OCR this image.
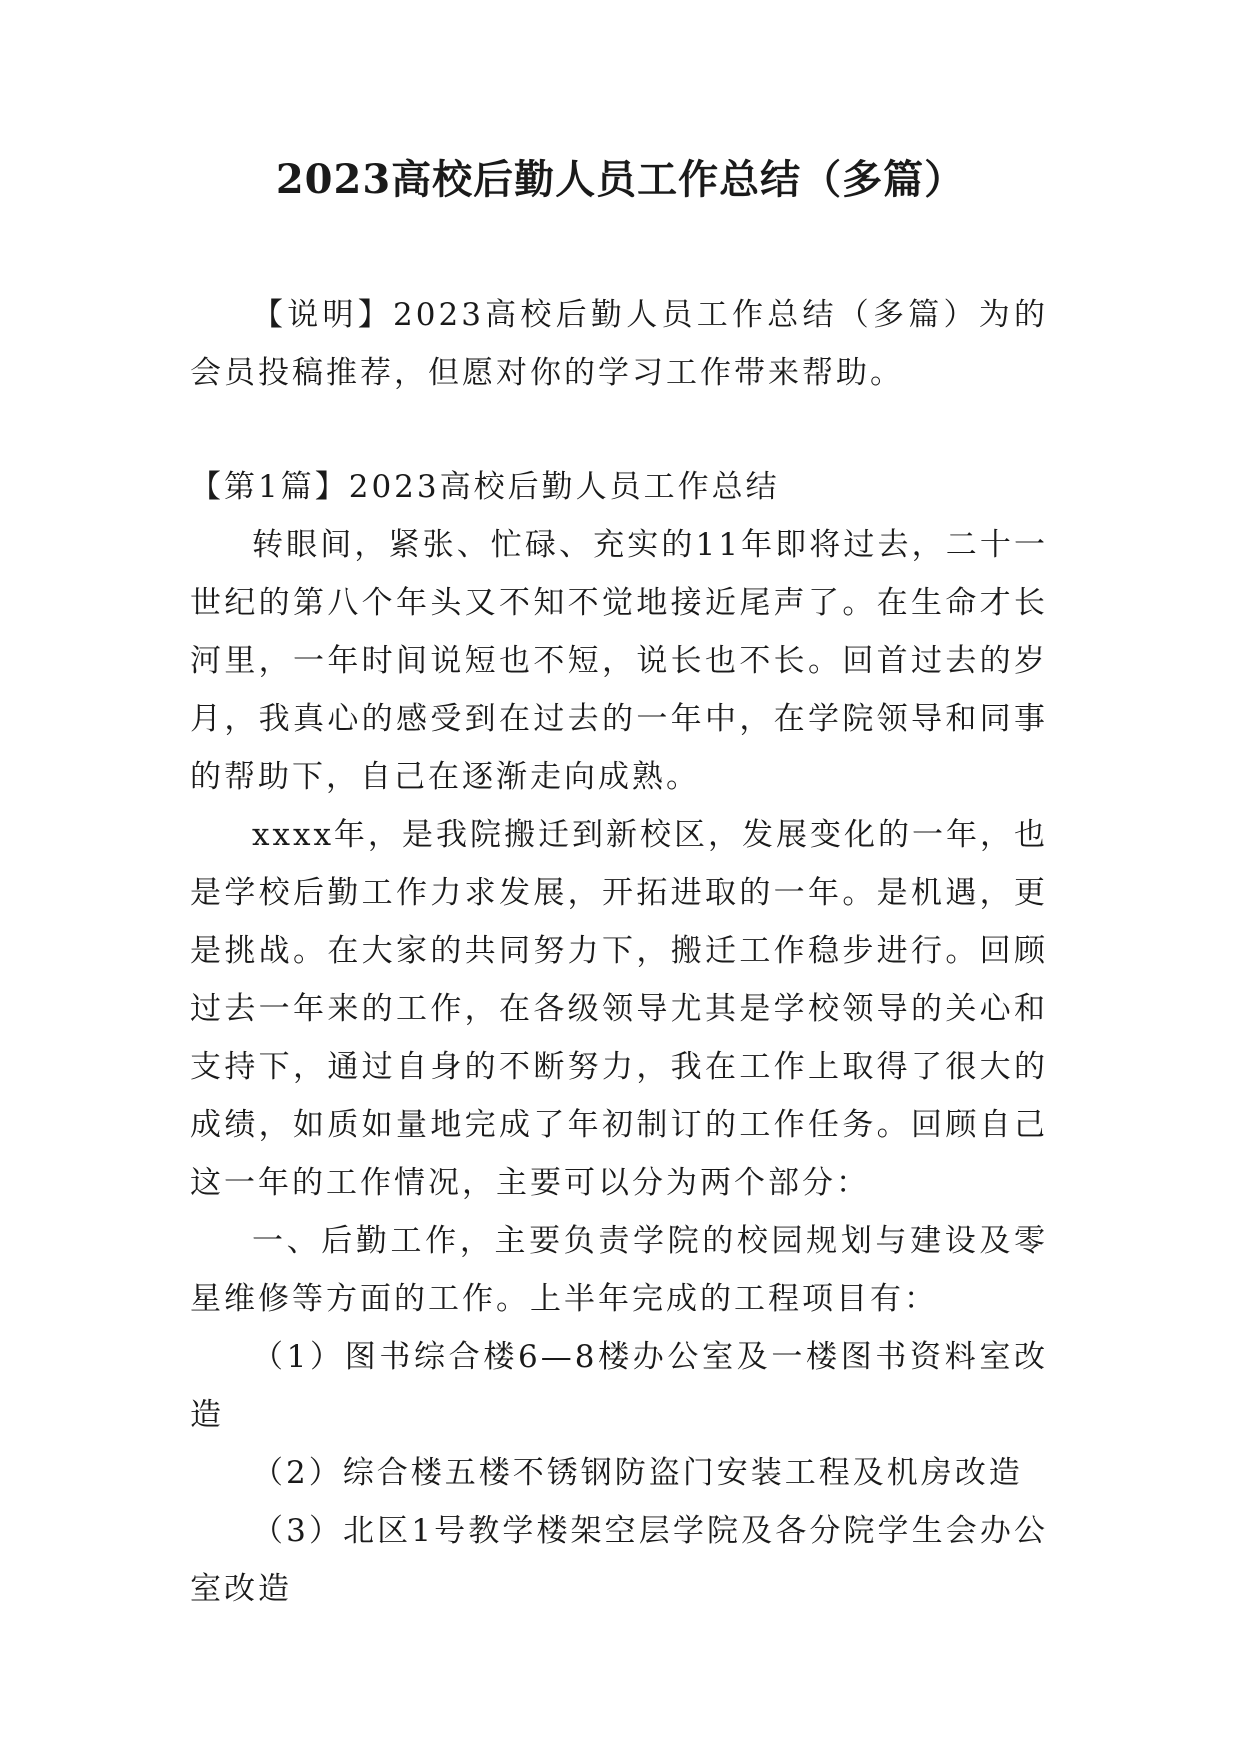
2023高校后勤人员工作总结（多篇）

【说明】2023高校后勤人员工作总结（多篇）为的会员投稿推荐，但愿对你的学习工作带来帮助。

【第1篇】2023高校后勤人员工作总结

转眼间，紧张、忙碌、充实的11年即将过去，二十一世纪的第八个年头又不知不觉地接近尾声了。在生命才长河里，一年时间说短也不短，说长也不长。回首过去的岁月，我真心的感受到在过去的一年中，在学院领导和同事的帮助下，自己在逐渐走向成熟。

xxxx年，是我院搬迁到新校区，发展变化的一年，也是学校后勤工作力求发展，开拓进取的一年。是机遇，更是挑战。在大家的共同努力下，搬迁工作稳步进行。回顾过去一年来的工作，在各级领导尤其是学校领导的关心和支持下，通过自身的不断努力，我在工作上取得了很大的成绩，如质如量地完成了年初制订的工作任务。回顾自己这一年的工作情况，主要可以分为两个部分：

一、后勤工作，主要负责学院的校园规划与建设及零星维修等方面的工作。上半年完成的工程项目有：

（1）图书综合楼6—8楼办公室及一楼图书资料室改造

（2）综合楼五楼不锈钢防盗门安装工程及机房改造

（3）北区1号教学楼架空层学院及各分院学生会办公室改造
